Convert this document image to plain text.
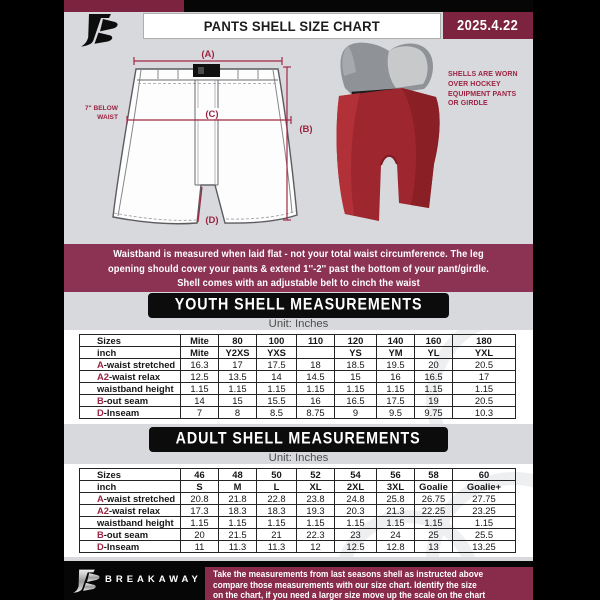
PANTS SHELL SIZE CHART	2025.4.22
(A)
(C)
(B)
(D)
7" BELOW
WAIST
SHELLS ARE WORN
OVER HOCKEY
EQUIPMENT PANTS
OR GIRDLE
Waistband is measured when laid flat - not your total waist circumference. The leg
opening should cover your pants & extend 1''-2'' past the bottom of your pant/girdle.
Shell comes with an adjustable belt to cinch the waist
YOUTH SHELL MEASUREMENTS
Unit: Inches
Sizes	Mite	80	100	110	120	140	160	180
inch	Mite	Y2XS	YXS		YS	YM	YL	YXL
A-waist stretched	16.3	17	17.5	18	18.5	19.5	20	20.5
A2-waist relax	12.5	13.5	14	14.5	15	16	16.5	17
waistband height	1.15	1.15	1.15	1.15	1.15	1.15	1.15	1.15
B-out seam	14	15	15.5	16	16.5	17.5	19	20.5
D-Inseam	7	8	8.5	8.75	9	9.5	9.75	10.3
ADULT SHELL MEASUREMENTS
Unit: Inches
Sizes	46	48	50	52	54	56	58	60
inch	S	M	L	XL	2XL	3XL	Goalie	Goalie+
A-waist stretched	20.8	21.8	22.8	23.8	24.8	25.8	26.75	27.75
A2-waist relax	17.3	18.3	18.3	19.3	20.3	21.3	22.25	23.25
waistband height	1.15	1.15	1.15	1.15	1.15	1.15	1.15	1.15
B-out seam	20	21.5	21	22.3	23	24	25	25.5
D-Inseam	11	11.3	11.3	12	12.5	12.8	13	13.25
BREAKAWAY Take the measurements from last seasons shell as instructed above
compare those measurements with our size chart. Identify the size
on the chart, if you need a larger size move up the scale on the chart
